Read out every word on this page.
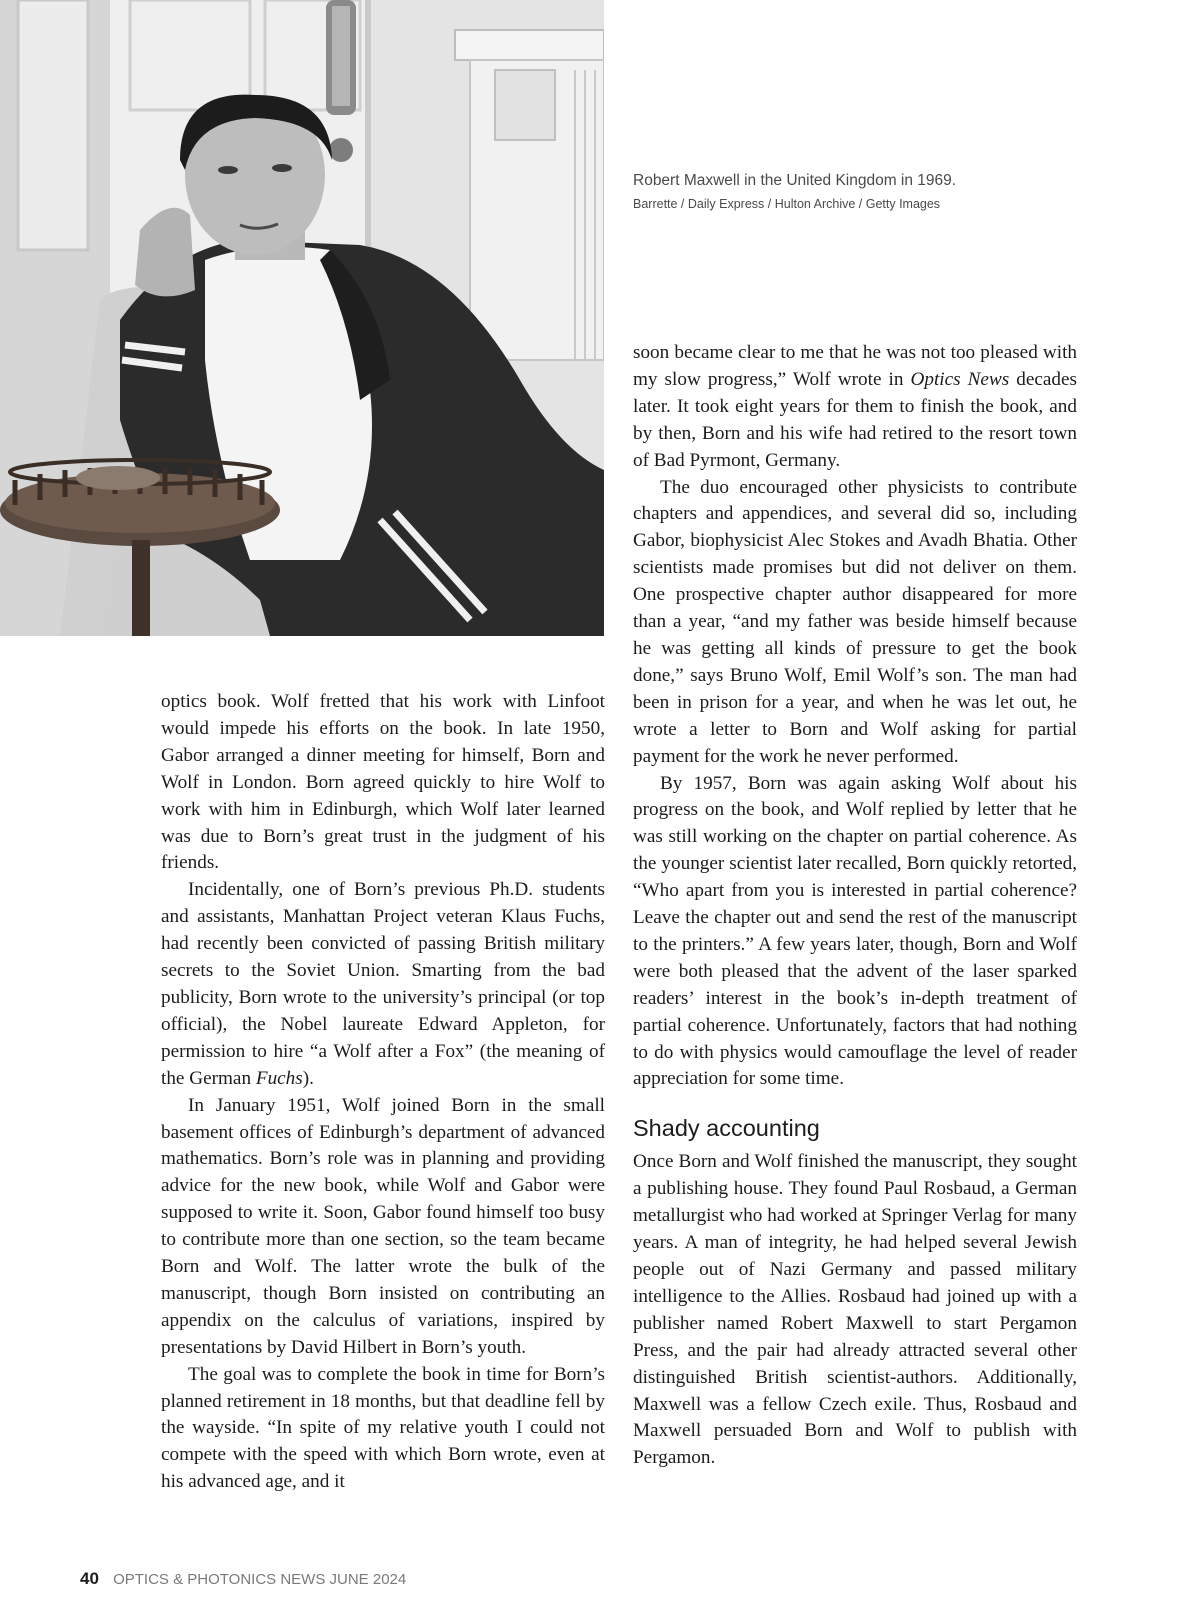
Robert Maxwell in the United Kingdom in 1969.
Barrette / Daily Express / Hulton Archive / Getty Images

optics book. Wolf fretted that his work with Linfoot would impede his efforts on the book. In late 1950, Gabor arranged a dinner meeting for himself, Born and Wolf in London. Born agreed quickly to hire Wolf to work with him in Edinburgh, which Wolf later learned was due to Born’s great trust in the judgment of his friends.

Incidentally, one of Born’s previous Ph.D. students and assistants, Manhattan Project veteran Klaus Fuchs, had recently been convicted of passing British military secrets to the Soviet Union. Smarting from the bad publicity, Born wrote to the university’s principal (or top official), the Nobel laureate Edward Appleton, for permission to hire “a Wolf after a Fox” (the meaning of the German Fuchs).

In January 1951, Wolf joined Born in the small basement offices of Edinburgh’s department of advanced mathematics. Born’s role was in planning and providing advice for the new book, while Wolf and Gabor were supposed to write it. Soon, Gabor found himself too busy to contribute more than one section, so the team became Born and Wolf. The latter wrote the bulk of the manuscript, though Born insisted on contributing an appendix on the calculus of variations, inspired by presentations by David Hilbert in Born’s youth.

The goal was to complete the book in time for Born’s planned retirement in 18 months, but that deadline fell by the wayside. “In spite of my relative youth I could not compete with the speed with which Born wrote, even at his advanced age, and it

soon became clear to me that he was not too pleased with my slow progress,” Wolf wrote in Optics News decades later. It took eight years for them to finish the book, and by then, Born and his wife had retired to the resort town of Bad Pyrmont, Germany.

The duo encouraged other physicists to contribute chapters and appendices, and several did so, including Gabor, biophysicist Alec Stokes and Avadh Bhatia. Other scientists made promises but did not deliver on them. One prospective chapter author disappeared for more than a year, “and my father was beside himself because he was getting all kinds of pressure to get the book done,” says Bruno Wolf, Emil Wolf’s son. The man had been in prison for a year, and when he was let out, he wrote a letter to Born and Wolf asking for partial payment for the work he never performed.

By 1957, Born was again asking Wolf about his progress on the book, and Wolf replied by letter that he was still working on the chapter on partial coherence. As the younger scientist later recalled, Born quickly retorted, “Who apart from you is interested in partial coherence? Leave the chapter out and send the rest of the manuscript to the printers.” A few years later, though, Born and Wolf were both pleased that the advent of the laser sparked readers’ interest in the book’s in-depth treatment of partial coherence. Unfortunately, factors that had nothing to do with physics would camouflage the level of reader appreciation for some time.

Shady accounting

Once Born and Wolf finished the manuscript, they sought a publishing house. They found Paul Rosbaud, a German metallurgist who had worked at Springer Verlag for many years. A man of integrity, he had helped several Jewish people out of Nazi Germany and passed military intelligence to the Allies. Rosbaud had joined up with a publisher named Robert Maxwell to start Pergamon Press, and the pair had already attracted several other distinguished British scientist-authors. Additionally, Maxwell was a fellow Czech exile. Thus, Rosbaud and Maxwell persuaded Born and Wolf to publish with Pergamon.

40 OPTICS & PHOTONICS NEWS JUNE 2024
